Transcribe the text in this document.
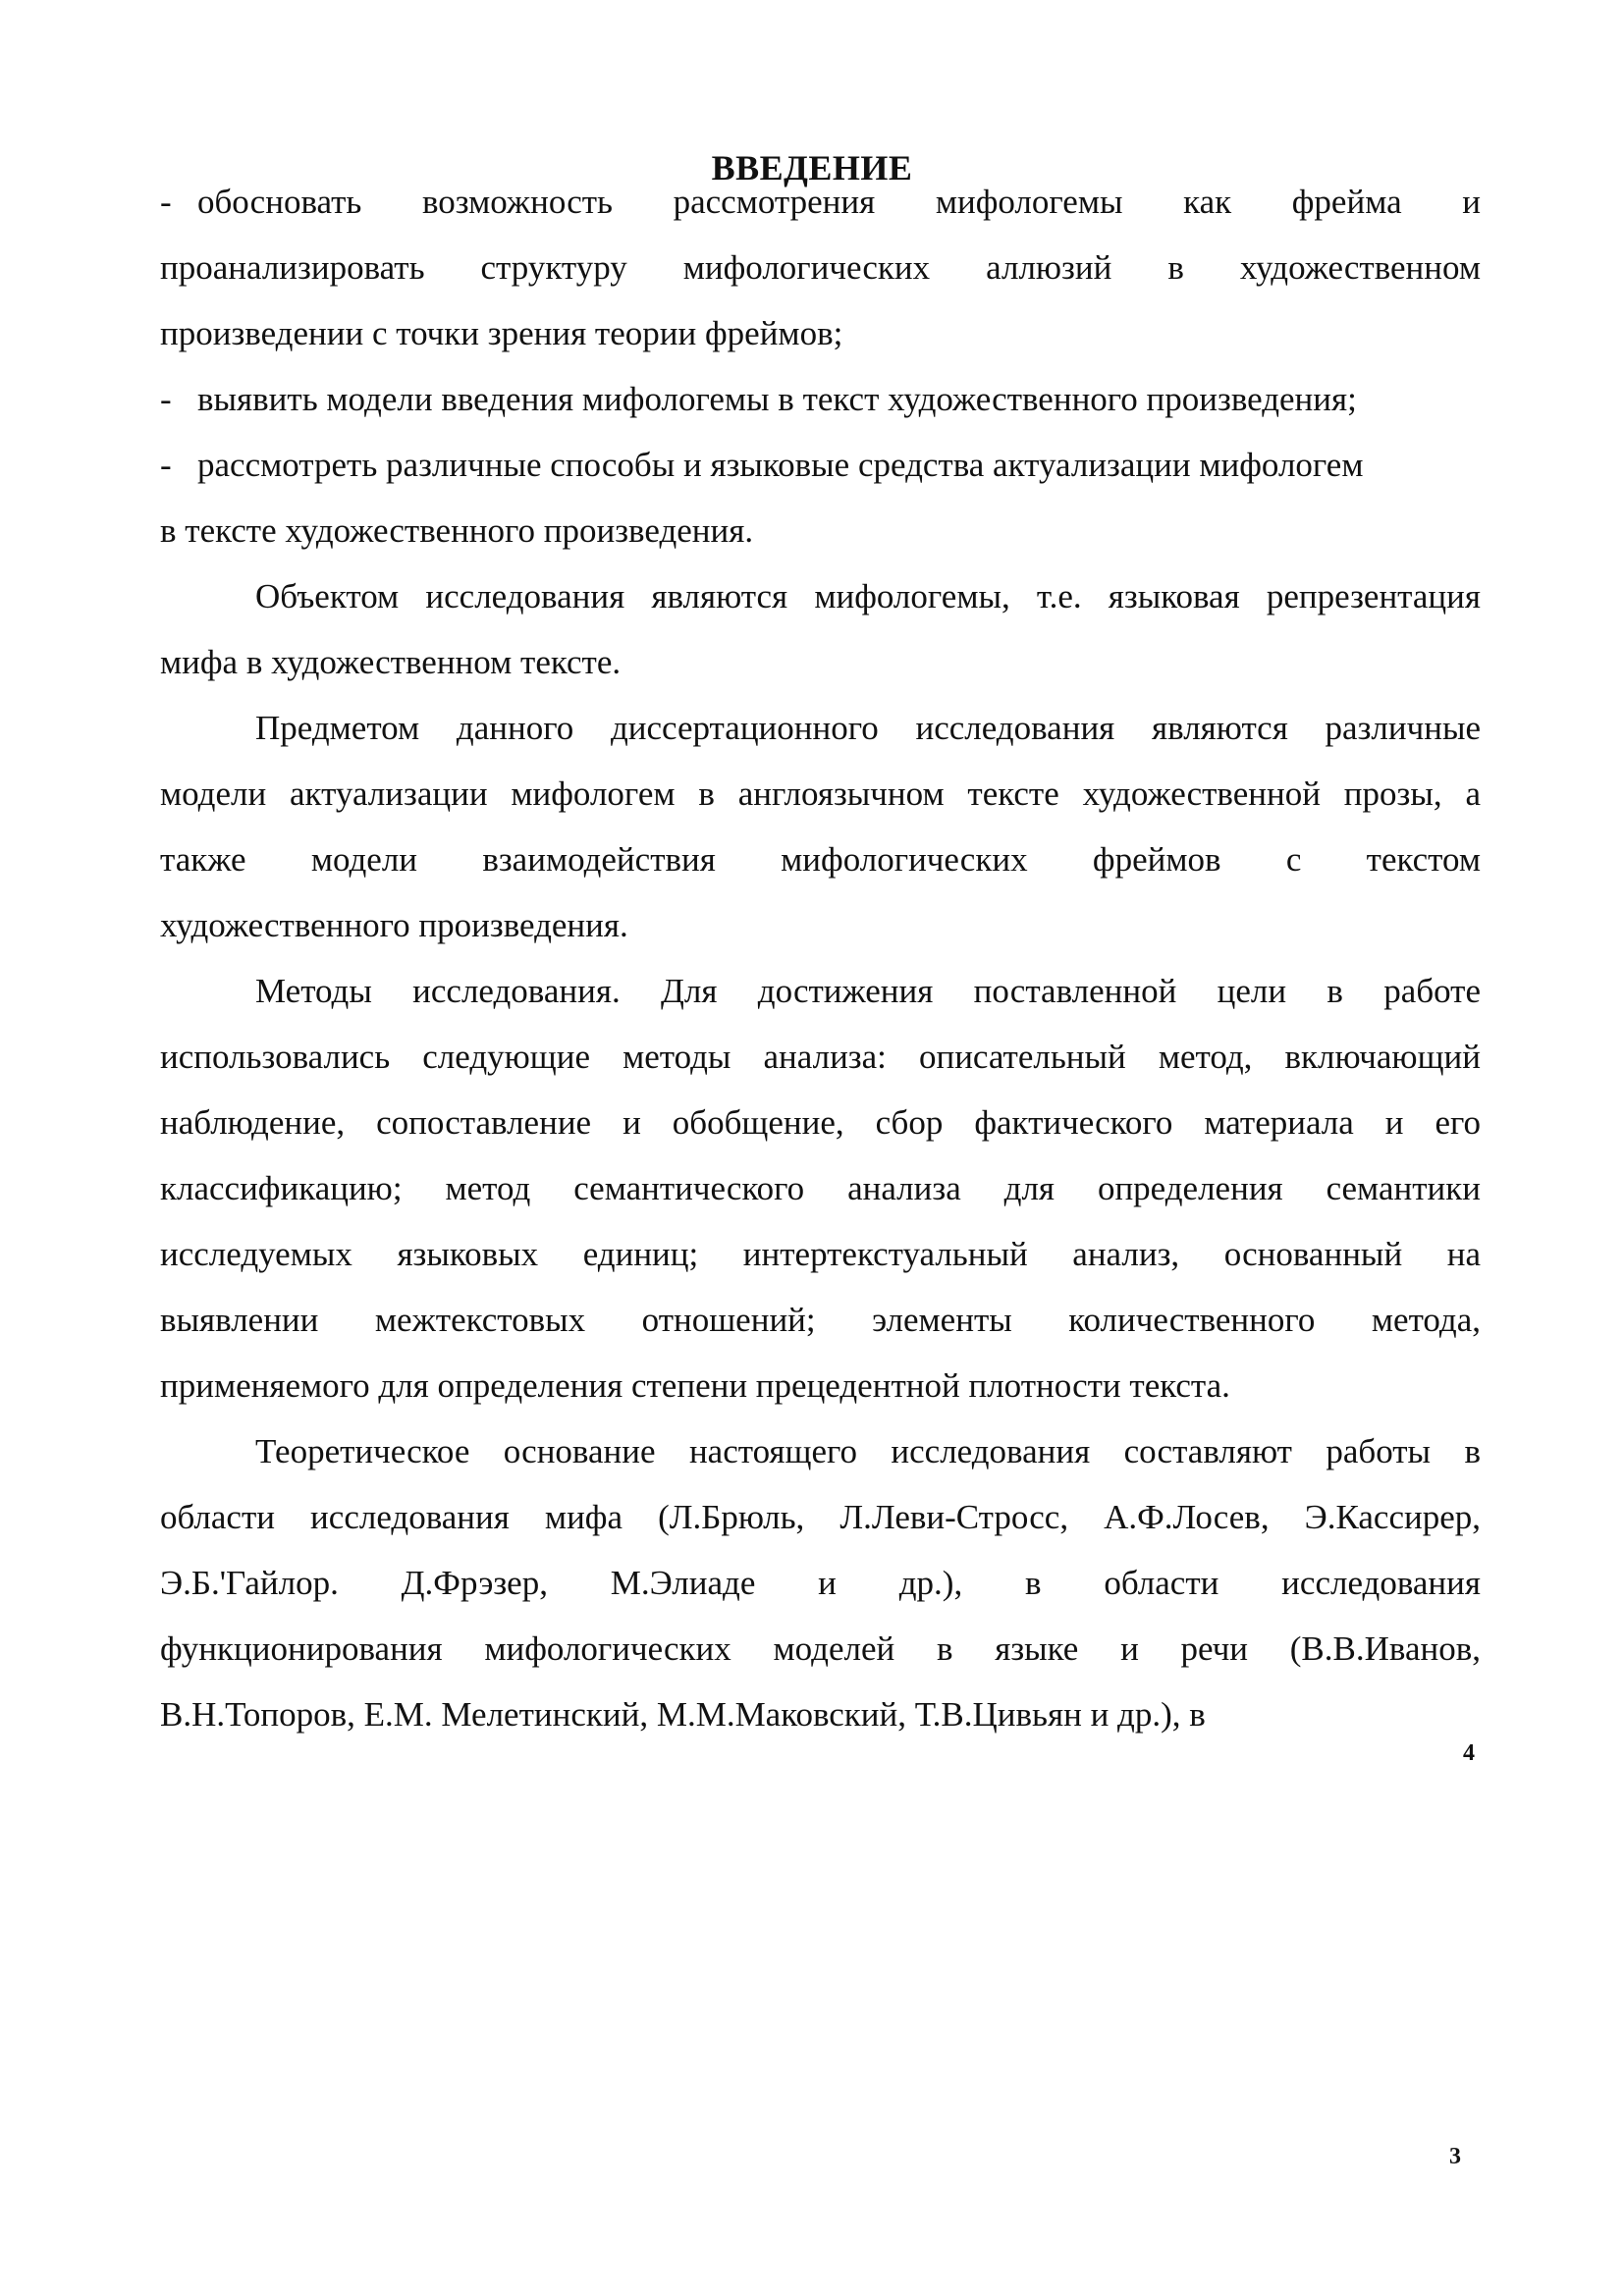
ВВЕДЕНИЕ
- обосновать возможность рассмотрения мифологемы как фрейма и
проанализировать структуру мифологических аллюзий в художественном
произведении с точки зрения теории фреймов;
- выявить модели введения мифологемы в текст художественного произведения;
- рассмотреть различные способы и языковые средства актуализации мифологем
в тексте художественного произведения.
Объектом исследования являются мифологемы, т.е. языковая репрезентация
мифа в художественном тексте.
Предметом данного диссертационного исследования являются различные
модели актуализации мифологем в англоязычном тексте художественной прозы, а
также модели взаимодействия мифологических фреймов с текстом
художественного произведения.
Методы исследования. Для достижения поставленной цели в работе
использовались следующие методы анализа: описательный метод, включающий
наблюдение, сопоставление и обобщение, сбор фактического материала и его
классификацию; метод семантического анализа для определения семантики
исследуемых языковых единиц; интертекстуальный анализ, основанный на
выявлении межтекстовых отношений; элементы количественного метода,
применяемого для определения степени прецедентной плотности текста.
Теоретическое основание настоящего исследования составляют работы в
области исследования мифа (Л.Брюль, Л.Леви-Стросс, А.Ф.Лосев, Э.Кассирер,
Э.Б.'Гайлор. Д.Фрэзер, М.Элиаде и др.), в области исследования
функционирования мифологических моделей в языке и речи (В.В.Иванов,
В.Н.Топоров, Е.М. Мелетинский, М.М.Маковский, Т.В.Цивьян и др.), в
4
3
